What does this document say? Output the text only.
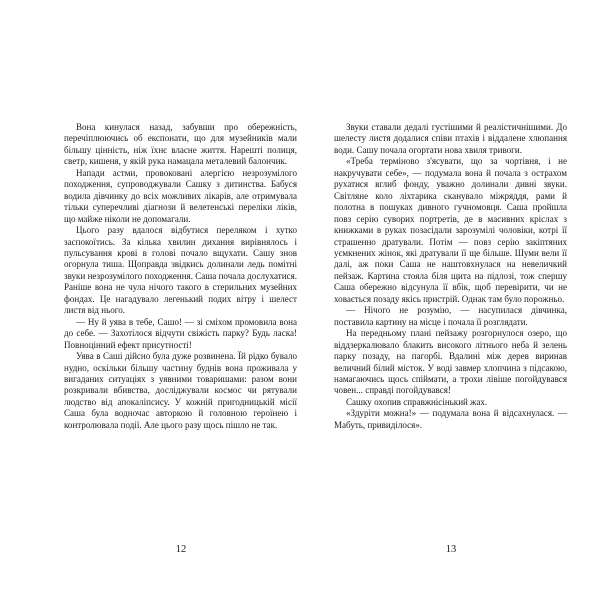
Вона кинулася назад, забувши про обережність, перечіплюючись об експонати, що для музейників мали більшу цінність, ніж їхнє власне життя. Нарешті полиця, светр, кишеня, у якій рука намацала металевий балончик.

Напади астми, провоковані алергією незрозумілого походження, супроводжували Сашку з дитинства. Бабуся водила дівчинку до всіх можливих лікарів, але отримувала тільки суперечливі діагнози й велетенські переліки ліків, що майже ніколи не допомагали.

Цього разу вдалося відбутися переляком і хутко заспокоїтись. За кілька хвилин дихання вирівнялось і пульсування крові в голові почало вщухати. Сашу знов огорнула тиша. Щоправда звідкись долинали ледь помітні звуки незрозумілого походження. Саша почала дослухатися. Раніше вона не чула нічого такого в стерильних музейних фондах. Це нагадувало легенький подих вітру і шелест листя від нього.

— Ну й уява в тебе, Сашо! — зі сміхом промовила вона до себе. — Захотілося відчути свіжість парку? Будь ласка! Повноцінний ефект присутності!

Уява в Саші дійсно була дуже розвинена. Їй рідко бувало нудно, оскільки більшу частину буднів вона проживала у вигаданих ситуаціях з уявними товаришами: разом вони розкривали вбивства, досліджували космос чи рятували людство від апокаліпсису. У кожній пригодницькій місії Саша була водночас авторкою й головною героїнею і контролювала події. Але цього разу щось пішло не так.

12

Звуки ставали дедалі густішими й реалістичнішими. До шелесту листя додалися співи птахів і віддалене хлюпання води. Сашу почала огортати нова хвиля тривоги.

«Треба терміново з'ясувати, що за чортівня, і не накручувати себе», — подумала вона й почала з острахом рухатися вглиб фонду, уважно долинали дивні звуки. Світляне коло ліхтарика сканувало міжряддя, рами й полотна в пошуках дивного гучномовця. Саша пройшла повз серію суворих портретів, де в масивних кріслах з книжками в руках позасідали зарозумілі чоловіки, котрі її страшенно дратували. Потім — повз серію закіптяних уємкнених жінок, які дратували її ще більше. Шуми вели її далі, аж поки Саша не наштовхнулася на невеличкий пейзаж. Картина стояла біля щита на підлозі, тож спершу Саша обережно відсунула її вбік, щоб перевірити, чи не ховається позаду якісь пристрій. Однак там було порожньо.

— Нічого не розумію, — насупилася дівчинка, поставила картину на місце і почала її розглядати.

На передньому плані пейзажу розгорнулося озеро, що віддзеркалювало блакить високого літнього неба й зелень парку позаду, на пагорбі. Вдалині між дерев виринав величний білий місток. У воді завмер хлопчина з підсакою, намагаючись щось спіймати, а трохи лівіше погойдувався човен... справді погойдувався!

Сашку охопив справжнісінький жах.

«Здуріти можна!» — подумала вона й відсахнулася. — Мабуть, привиділося».

13
